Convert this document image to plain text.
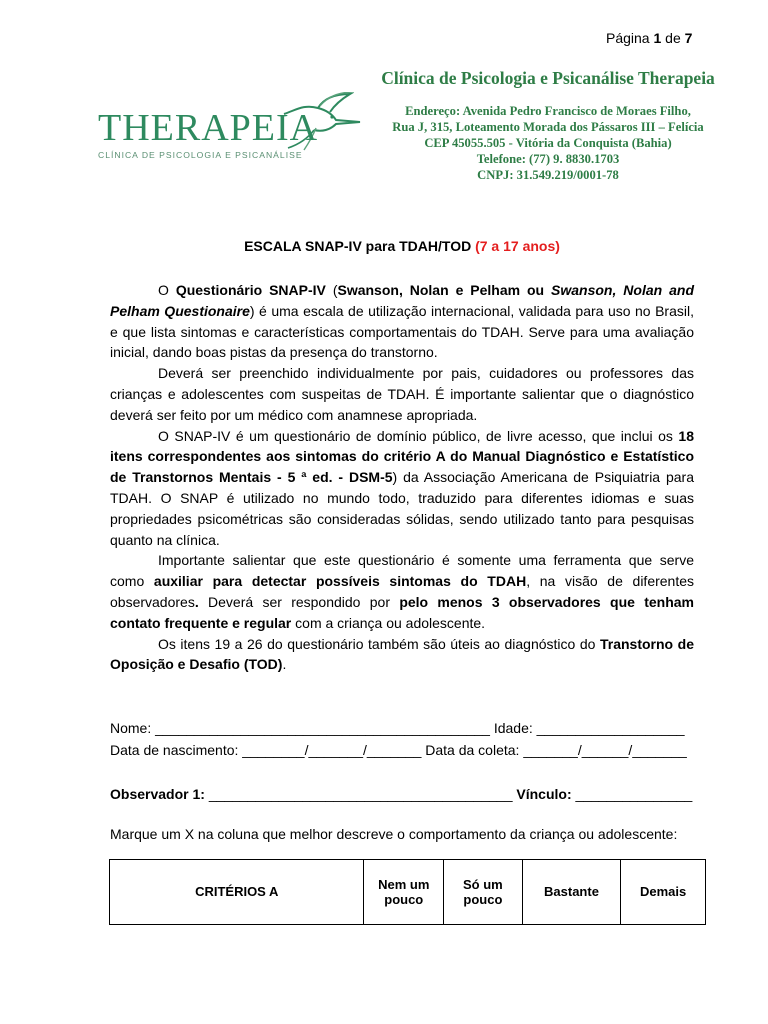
Página 1 de 7
THERAPEIA
CLÍNICA DE PSICOLOGIA E PSICANÁLISE
Clínica de Psicologia e Psicanálise Therapeia
Endereço: Avenida Pedro Francisco de Moraes Filho,
Rua J, 315, Loteamento Morada dos Pássaros III – Felícia
CEP 45055.505 - Vitória da Conquista (Bahia)
Telefone: (77) 9. 8830.1703
CNPJ: 31.549.219/0001-78
ESCALA SNAP-IV para TDAH/TOD (7 a 17 anos)

O Questionário SNAP-IV (Swanson, Nolan e Pelham ou Swanson, Nolan and Pelham Questionaire) é uma escala de utilização internacional, validada para uso no Brasil, e que lista sintomas e características comportamentais do TDAH. Serve para uma avaliação inicial, dando boas pistas da presença do transtorno.

Deverá ser preenchido individualmente por pais, cuidadores ou professores das crianças e adolescentes com suspeitas de TDAH. É importante salientar que o diagnóstico deverá ser feito por um médico com anamnese apropriada.

O SNAP-IV é um questionário de domínio público, de livre acesso, que inclui os 18 itens correspondentes aos sintomas do critério A do Manual Diagnóstico e Estatístico de Transtornos Mentais - 5 ª ed. - DSM-5) da Associação Americana de Psiquiatria para TDAH. O SNAP é utilizado no mundo todo, traduzido para diferentes idiomas e suas propriedades psicométricas são consideradas sólidas, sendo utilizado tanto para pesquisas quanto na clínica.

Importante salientar que este questionário é somente uma ferramenta que serve como auxiliar para detectar possíveis sintomas do TDAH, na visão de diferentes observadores. Deverá ser respondido por pelo menos 3 observadores que tenham contato frequente e regular com a criança ou adolescente.

Os itens 19 a 26 do questionário também são úteis ao diagnóstico do Transtorno de Oposição e Desafio (TOD).

Nome: ___________________________________________ Idade: ___________________
Data de nascimento: ________/_______/_______ Data da coleta: _______/______/_______
Observador 1: _______________________________________ Vínculo: _______________
Marque um X na coluna que melhor descreve o comportamento da criança ou adolescente:
CRITÉRIOS A	Nem um pouco	Só um pouco	Bastante	Demais
